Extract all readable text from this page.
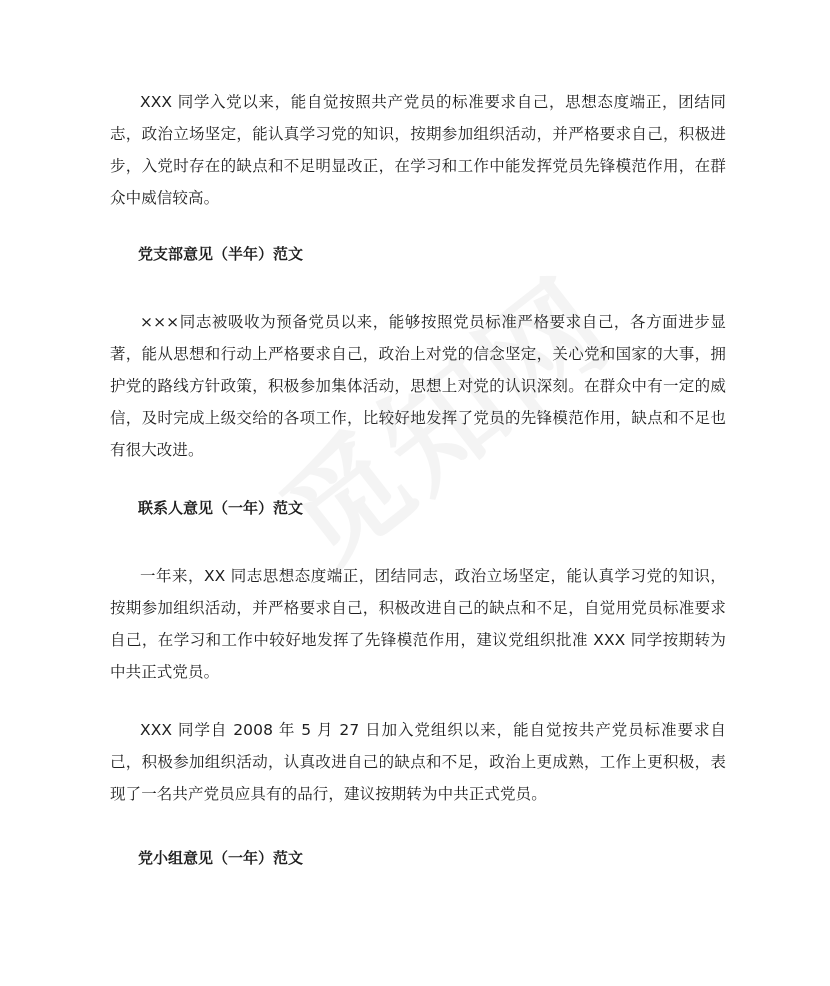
XXX 同学入党以来，能自觉按照共产党员的标准要求自己，思想态度端正，团结同志，政治立场坚定，能认真学习党的知识，按期参加组织活动，并严格要求自己，积极进步，入党时存在的缺点和不足明显改正，在学习和工作中能发挥党员先锋模范作用，在群众中威信较高。

党支部意见（半年）范文

×××同志被吸收为预备党员以来，能够按照党员标准严格要求自己，各方面进步显著，能从思想和行动上严格要求自己，政治上对党的信念坚定，关心党和国家的大事，拥护党的路线方针政策，积极参加集体活动，思想上对党的认识深刻。在群众中有一定的威信，及时完成上级交给的各项工作，比较好地发挥了党员的先锋模范作用，缺点和不足也有很大改进。

联系人意见（一年）范文

一年来，XX 同志思想态度端正，团结同志，政治立场坚定，能认真学习党的知识，按期参加组织活动，并严格要求自己，积极改进自己的缺点和不足，自觉用党员标准要求自己，在学习和工作中较好地发挥了先锋模范作用，建议党组织批准 XXX 同学按期转为中共正式党员。

XXX 同学自 2008 年 5 月 27 日加入党组织以来，能自觉按共产党员标准要求自己，积极参加组织活动，认真改进自己的缺点和不足，政治上更成熟，工作上更积极，表现了一名共产党员应具有的品行，建议按期转为中共正式党员。

党小组意见（一年）范文
